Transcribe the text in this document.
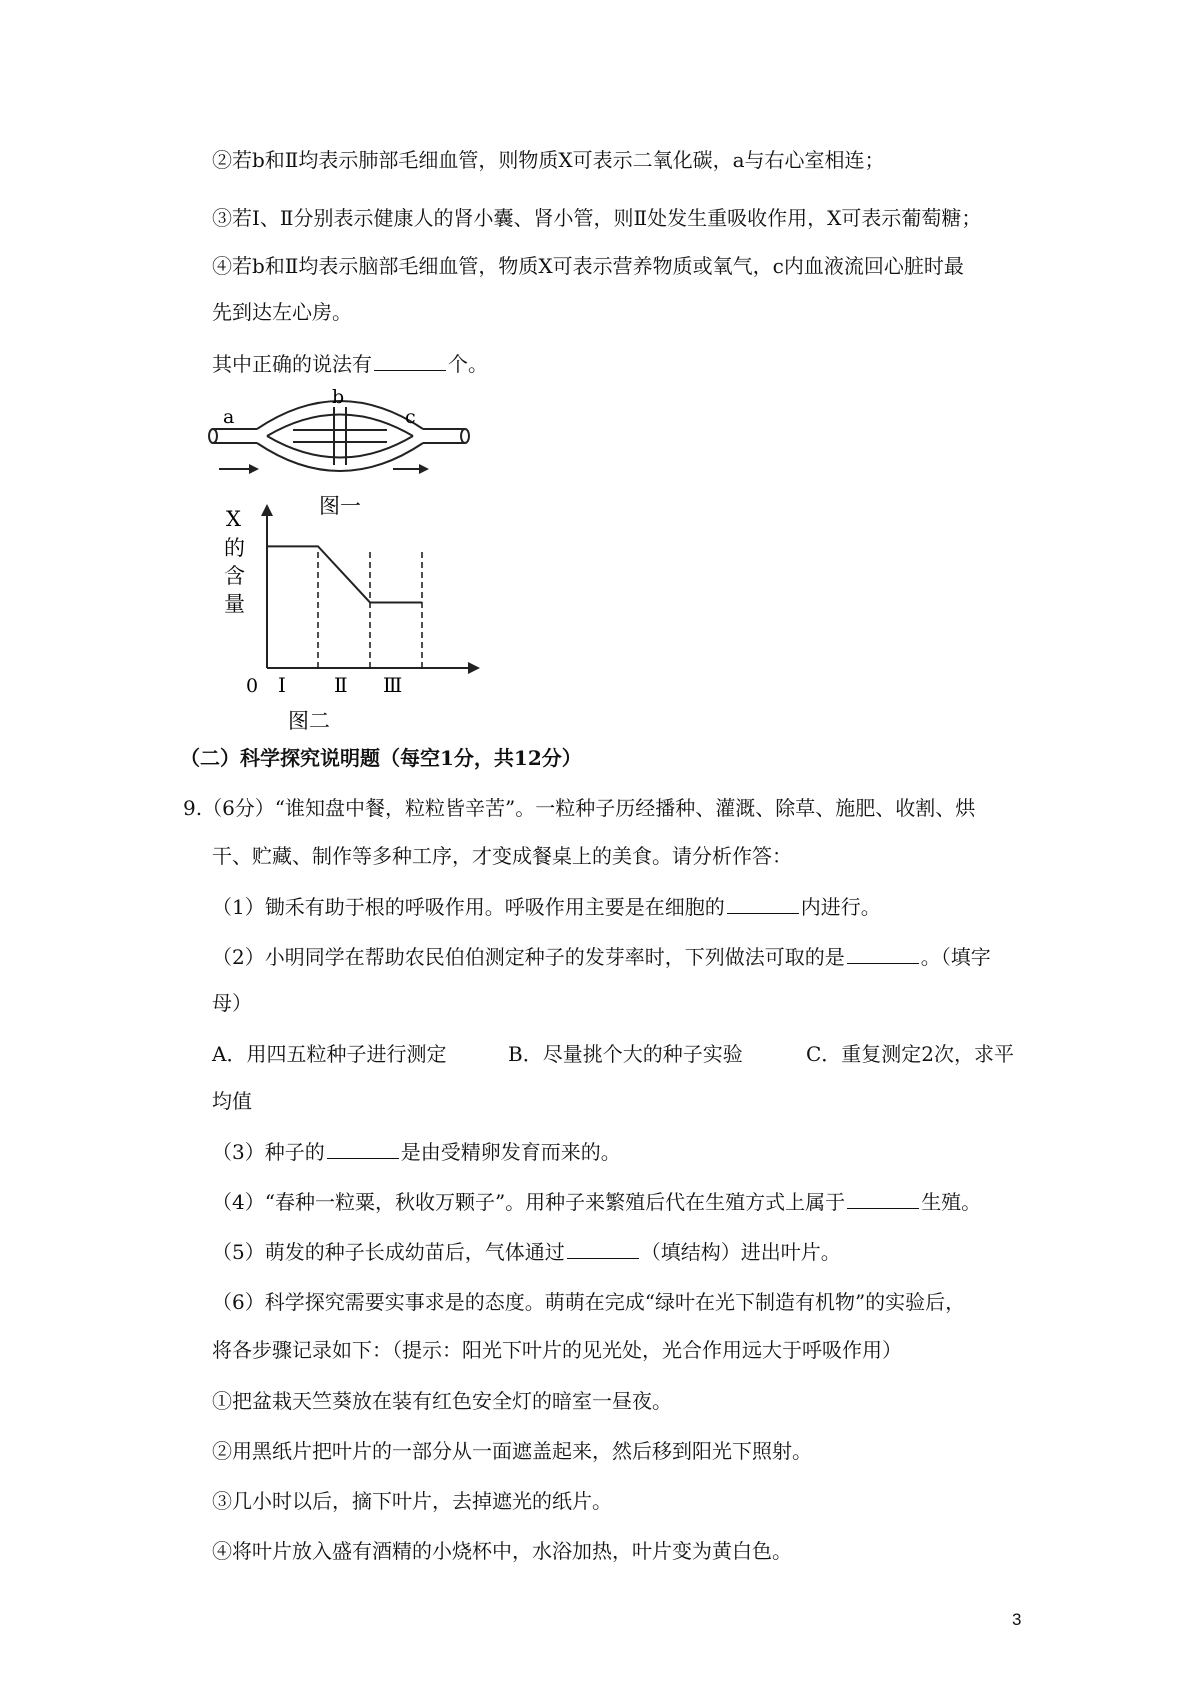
②若b和Ⅱ均表示肺部毛细血管，则物质X可表示二氧化碳，a与右心室相连；
③若Ⅰ、Ⅱ分别表示健康人的肾小囊、肾小管，则Ⅱ处发生重吸收作用，X可表示葡萄糖；
④若b和Ⅱ均表示脑部毛细血管，物质X可表示营养物质或氧气，c内血液流回心脏时最
先到达左心房。
其中正确的说法有	个。
a
b
c
图一
X
的
含
量
0 Ⅰ Ⅱ Ⅲ
图二
（二）科学探究说明题（每空1分，共12分）
9.（6分）“谁知盘中餐，粒粒皆辛苦”。一粒种子历经播种、灌溉、除草、施肥、收割、烘
干、贮藏、制作等多种工序，才变成餐桌上的美食。请分析作答：
（1）锄禾有助于根的呼吸作用。呼吸作用主要是在细胞的	内进行。
（2）小明同学在帮助农民伯伯测定种子的发芽率时，下列做法可取的是	。（填字
母）
A．用四五粒种子进行测定	B．尽量挑个大的种子实验	C．重复测定2次，求平
均值
（3）种子的	是由受精卵发育而来的。
（4）“春种一粒粟，秋收万颗子”。用种子来繁殖后代在生殖方式上属于	生殖。
（5）萌发的种子长成幼苗后，气体通过	（填结构）进出叶片。
（6）科学探究需要实事求是的态度。萌萌在完成“绿叶在光下制造有机物”的实验后，
将各步骤记录如下：（提示：阳光下叶片的见光处，光合作用远大于呼吸作用）
①把盆栽天竺葵放在装有红色安全灯的暗室一昼夜。
②用黑纸片把叶片的一部分从一面遮盖起来，然后移到阳光下照射。
③几小时以后，摘下叶片，去掉遮光的纸片。
④将叶片放入盛有酒精的小烧杯中，水浴加热，叶片变为黄白色。
3
